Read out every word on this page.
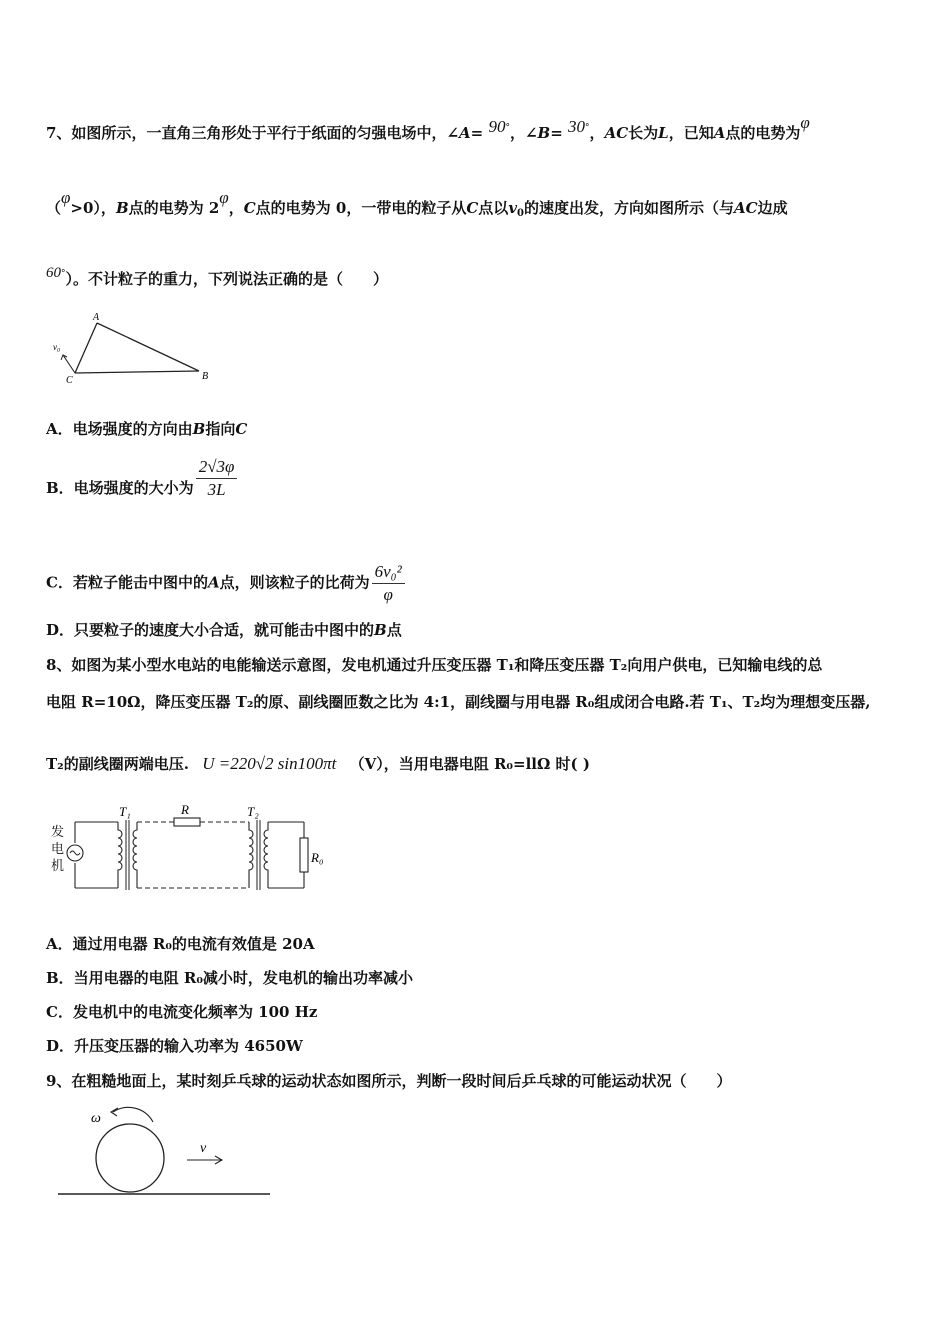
7、如图所示，一直角三角形处于平行于纸面的匀强电场中，∠A= 90°，∠B= 30°，AC长为L，已知A点的电势为φ
（φ>0），B点的电势为 2φ，C点的电势为 0，一带电的粒子从C点以$v_0$的速度出发，方向如图所示（与AC边成
60°）。不计粒子的重力，下列说法正确的是（　　）
A
B
C
v₀
A．电场强度的方向由B指向C
B．电场强度的大小为 $\frac{2√3\varphi}{3L}$
C．若粒子能击中图中的A点，则该粒子的比荷为 $\frac{\text{6v₀²}}{\varphi}$
D．只要粒子的速度大小合适，就可能击中图中的B点
8、如图为某小型水电站的电能输送示意图，发电机通过升压变压器 T₁和降压变压器 T₂向用户供电，已知输电线的总
电阻 R=10Ω，降压变压器 T₂的原、副线圈匝数之比为 4:1，副线圈与用电器 R₀组成闭合电路.若 T₁、T₂均为理想变压器,
T₂的副线圈两端电压. U =220√2 sin100πt （V），当用电器电阻 R₀=llΩ 时( )
发
电
机
T₁	R	T₂
R₀
A．通过用电器 R₀的电流有效值是 20A
B．当用电器的电阻 R₀减小时，发电机的输出功率减小
C．发电机中的电流变化频率为 100 Hz
D．升压变压器的输入功率为 4650W
9、在粗糙地面上，某时刻乒乓球的运动状态如图所示，判断一段时间后乒乓球的可能运动状况（　　）
ω
v
